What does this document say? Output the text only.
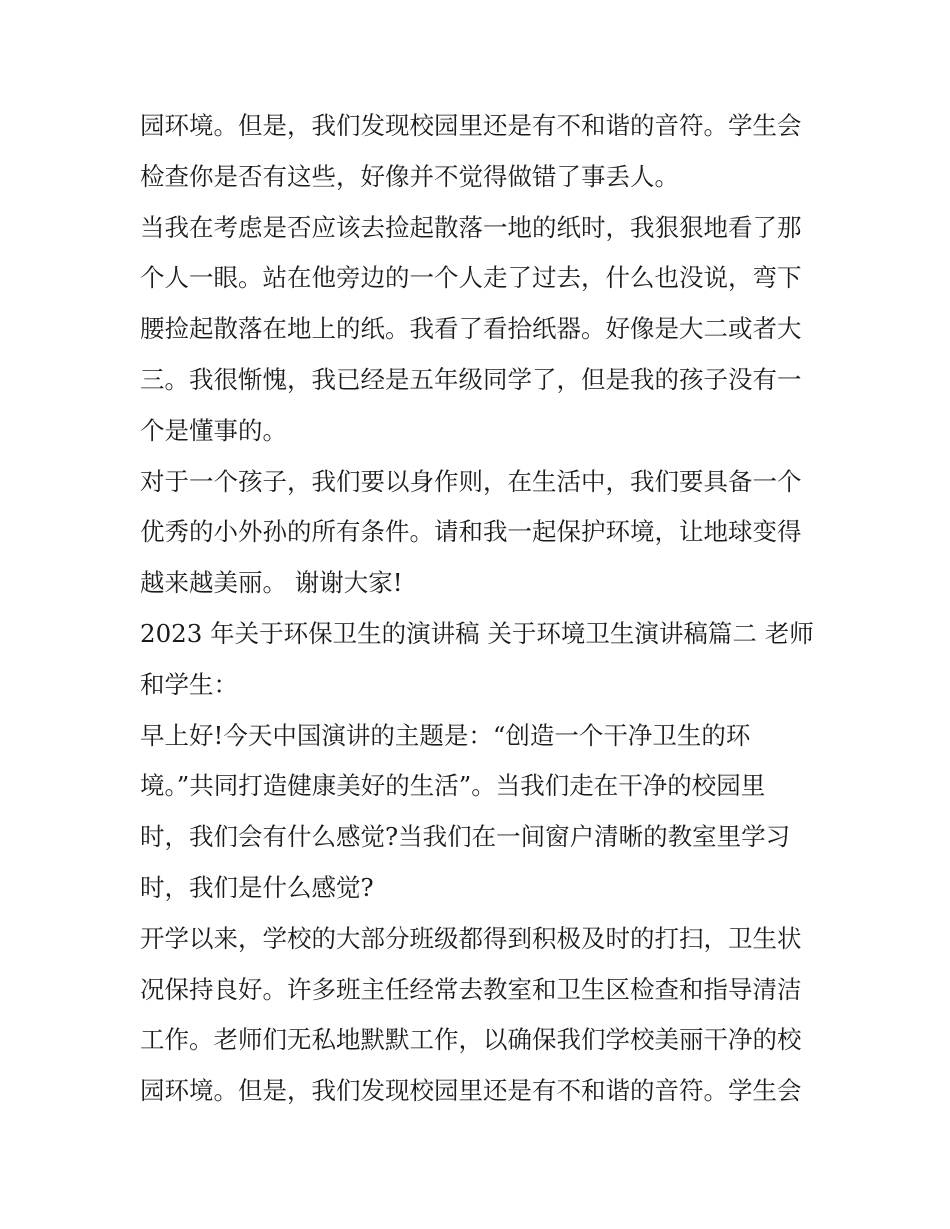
园环境。但是，我们发现校园里还是有不和谐的音符。学生会
检查你是否有这些，好像并不觉得做错了事丢人。
当我在考虑是否应该去捡起散落一地的纸时，我狠狠地看了那
个人一眼。站在他旁边的一个人走了过去，什么也没说，弯下
腰捡起散落在地上的纸。我看了看拾纸器。好像是大二或者大
三。我很惭愧，我已经是五年级同学了，但是我的孩子没有一
个是懂事的。
对于一个孩子，我们要以身作则，在生活中，我们要具备一个
优秀的小外孙的所有条件。请和我一起保护环境，让地球变得
越来越美丽。 谢谢大家!
2023 年关于环保卫生的演讲稿 关于环境卫生演讲稿篇二 老师
和学生：
早上好!今天中国演讲的主题是：“创造一个干净卫生的环
境。”共同打造健康美好的生活”。当我们走在干净的校园里
时，我们会有什么感觉?当我们在一间窗户清晰的教室里学习
时，我们是什么感觉?
开学以来，学校的大部分班级都得到积极及时的打扫，卫生状
况保持良好。许多班主任经常去教室和卫生区检查和指导清洁
工作。老师们无私地默默工作，以确保我们学校美丽干净的校
园环境。但是，我们发现校园里还是有不和谐的音符。学生会
